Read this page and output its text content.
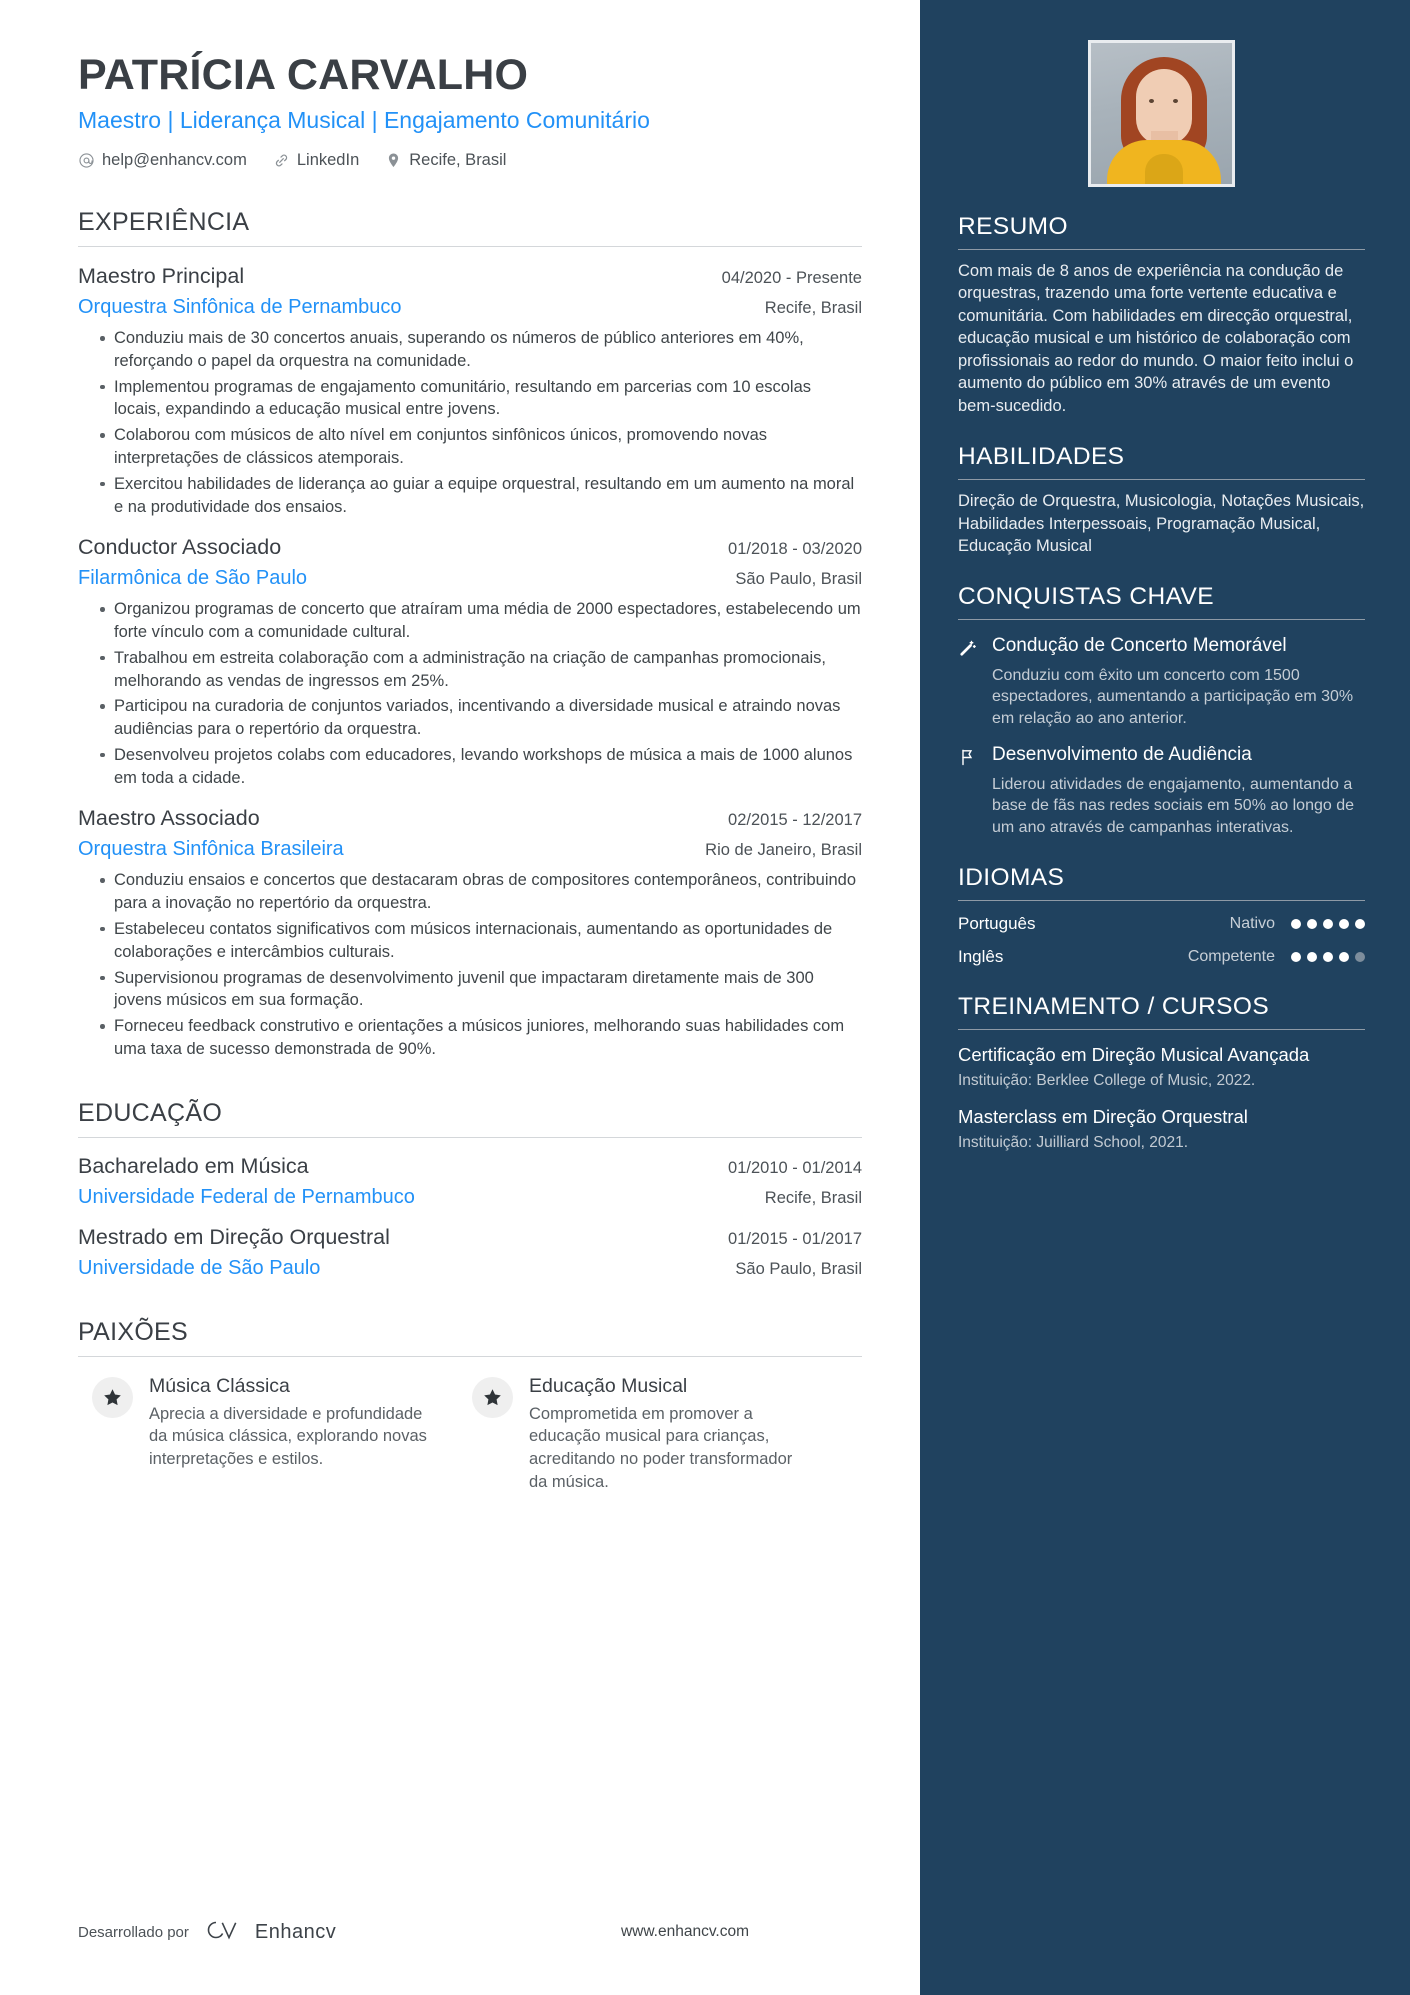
PATRÍCIA CARVALHO
Maestro | Liderança Musical | Engajamento Comunitário
help@enhancv.com	LinkedIn	Recife, Brasil
EXPERIÊNCIA
Maestro Principal	04/2020 - Presente
Orquestra Sinfônica de Pernambuco	Recife, Brasil
Conduziu mais de 30 concertos anuais, superando os números de público anteriores em 40%, reforçando o papel da orquestra na comunidade.
Implementou programas de engajamento comunitário, resultando em parcerias com 10 escolas locais, expandindo a educação musical entre jovens.
Colaborou com músicos de alto nível em conjuntos sinfônicos únicos, promovendo novas interpretações de clássicos atemporais.
Exercitou habilidades de liderança ao guiar a equipe orquestral, resultando em um aumento na moral e na produtividade dos ensaios.
Conductor Associado	01/2018 - 03/2020
Filarmônica de São Paulo	São Paulo, Brasil
Organizou programas de concerto que atraíram uma média de 2000 espectadores, estabelecendo um forte vínculo com a comunidade cultural.
Trabalhou em estreita colaboração com a administração na criação de campanhas promocionais, melhorando as vendas de ingressos em 25%.
Participou na curadoria de conjuntos variados, incentivando a diversidade musical e atraindo novas audiências para o repertório da orquestra.
Desenvolveu projetos colabs com educadores, levando workshops de música a mais de 1000 alunos em toda a cidade.
Maestro Associado	02/2015 - 12/2017
Orquestra Sinfônica Brasileira	Rio de Janeiro, Brasil
Conduziu ensaios e concertos que destacaram obras de compositores contemporâneos, contribuindo para a inovação no repertório da orquestra.
Estabeleceu contatos significativos com músicos internacionais, aumentando as oportunidades de colaborações e intercâmbios culturais.
Supervisionou programas de desenvolvimento juvenil que impactaram diretamente mais de 300 jovens músicos em sua formação.
Forneceu feedback construtivo e orientações a músicos juniores, melhorando suas habilidades com uma taxa de sucesso demonstrada de 90%.
EDUCAÇÃO
Bacharelado em Música	01/2010 - 01/2014
Universidade Federal de Pernambuco	Recife, Brasil
Mestrado em Direção Orquestral	01/2015 - 01/2017
Universidade de São Paulo	São Paulo, Brasil
PAIXÕES
Música Clássica
Aprecia a diversidade e profundidade da música clássica, explorando novas interpretações e estilos.
Educação Musical
Comprometida em promover a educação musical para crianças, acreditando no poder transformador da música.
Desarrollado por	Enhancv	www.enhancv.com
RESUMO
Com mais de 8 anos de experiência na condução de orquestras, trazendo uma forte vertente educativa e comunitária. Com habilidades em direcção orquestral, educação musical e um histórico de colaboração com profissionais ao redor do mundo. O maior feito inclui o aumento do público em 30% através de um evento bem-sucedido.
HABILIDADES
Direção de Orquestra, Musicologia, Notações Musicais, Habilidades Interpessoais, Programação Musical, Educação Musical
CONQUISTAS CHAVE
Condução de Concerto Memorável
Conduziu com êxito um concerto com 1500 espectadores, aumentando a participação em 30% em relação ao ano anterior.
Desenvolvimento de Audiência
Liderou atividades de engajamento, aumentando a base de fãs nas redes sociais em 50% ao longo de um ano através de campanhas interativas.
IDIOMAS
Português	Nativo
Inglês	Competente
TREINAMENTO / CURSOS
Certificação em Direção Musical Avançada
Instituição: Berklee College of Music, 2022.
Masterclass em Direção Orquestral
Instituição: Juilliard School, 2021.
